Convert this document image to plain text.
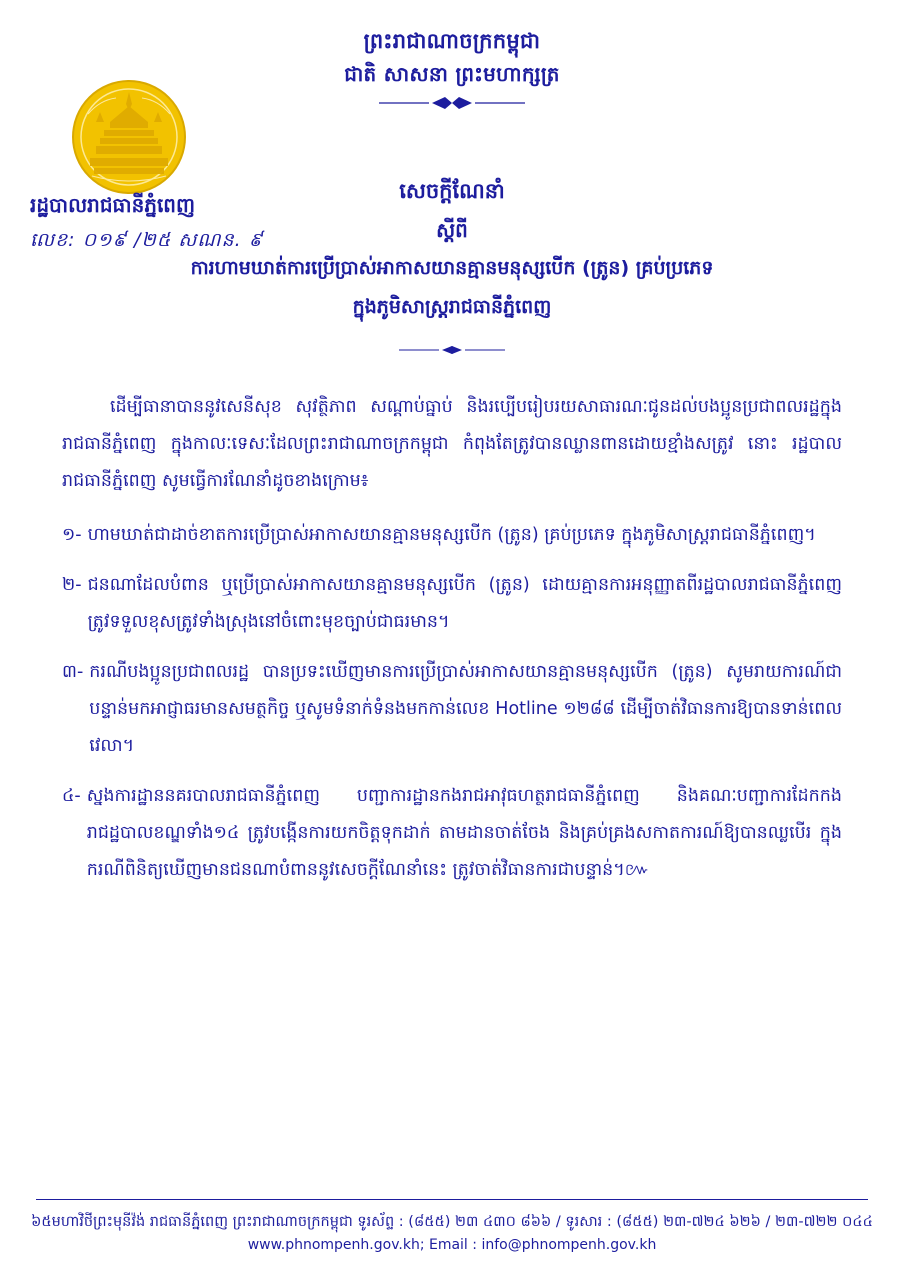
ព្រះរាជាណាចក្រកម្ពុជា
ជាតិ សាសនា ព្រះមហាក្សត្រ
រដ្ឋបាលរាជធានីភ្នំពេញ
លេខ: ០១៩ /២៥ សណន. ៩
សេចក្តីណែនាំ
ស្តីពី
ការហាមឃាត់ការប្រើប្រាស់អាកាសយានគ្មានមនុស្សបើក (ត្រូន) គ្រប់ប្រភេទ
ក្នុងភូមិសាស្ត្ររាជធានីភ្នំពេញ
ដើម្បីធានាបាននូវសេនីសុខ សុវត្ថិភាព សណ្តាប់ធ្នាប់ និងរប្បើបរៀបរយសាធារណៈជូនដល់បងប្អូនប្រជាពលរដ្ឋក្នុងរាជធានីភ្នំពេញ ក្នុងកាលៈទេសៈដែលព្រះរាជាណាចក្រកម្ពុជា កំពុងតែត្រូវបានឈ្លានពានដោយខ្មាំងសត្រូវ នោះ រដ្ឋបាលរាជធានីភ្នំពេញ សូមធ្វើការណែនាំដូចខាងក្រោម៖
១- ហាមឃាត់ជាដាច់ខាតការប្រើប្រាស់អាកាសយានគ្មានមនុស្សបើក (ត្រូន) គ្រប់ប្រភេទ ក្នុងភូមិសាស្ត្ររាជធានីភ្នំពេញ។
២- ជនណាដែលបំពាន ឬប្រើប្រាស់អាកាសយានគ្មានមនុស្សបើក (ត្រូន) ដោយគ្មានការអនុញ្ញាតពីរដ្ឋបាលរាជធានីភ្នំពេញ ត្រូវទទួលខុសត្រូវទាំងស្រុងនៅចំពោះមុខច្បាប់ជាធរមាន។
៣- ករណីបងប្អូនប្រជាពលរដ្ឋ បានប្រទះឃើញមានការប្រើប្រាស់អាកាសយានគ្មានមនុស្សបើក (ត្រូន) សូមរាយការណ៍ជាបន្ទាន់មកអាជ្ញាធរមានសមត្ថកិច្ច ឬសូមទំនាក់ទំនងមកកាន់លេខ Hotline ១២៨៨ ដើម្បីចាត់វិធានការឱ្យបានទាន់ពេលវេលា។
៤- ស្នងការដ្ឋាននគរបាលរាជធានីភ្នំពេញ បញ្ជាការដ្ឋានកងរាជអាវុធហត្ថរាជធានីភ្នំពេញ និងគណៈបញ្ជាការដែកកងរាជដ្ឋបាលខណ្ឌទាំង១៤ ត្រូវបង្កើនការយកចិត្តទុកដាក់ តាមដានចាត់ចែង និងគ្រប់គ្រងសកាតការណ៍ឱ្យបានឈ្លបើរ ក្នុងករណីពិនិត្យឃើញមានជនណាបំពាននូវសេចក្តីណែនាំនេះ ត្រូវចាត់វិធានការជាបន្ទាន់។៚
៦៥មហាវិថីព្រះមុនីវ៉ង់ រាជធានីភ្នំពេញ ព្រះរាជាណាចក្រកម្ពុជា ទូរស័ព្ទ : (៨៥៥) ២៣ ៤៣០ ៨៦៦ / ទូរសារ : (៨៥៥) ២៣-៧២៤ ៦២៦ / ២៣-៧២២ ០៤៤
www.phnompenh.gov.kh; Email : info@phnompenh.gov.kh
